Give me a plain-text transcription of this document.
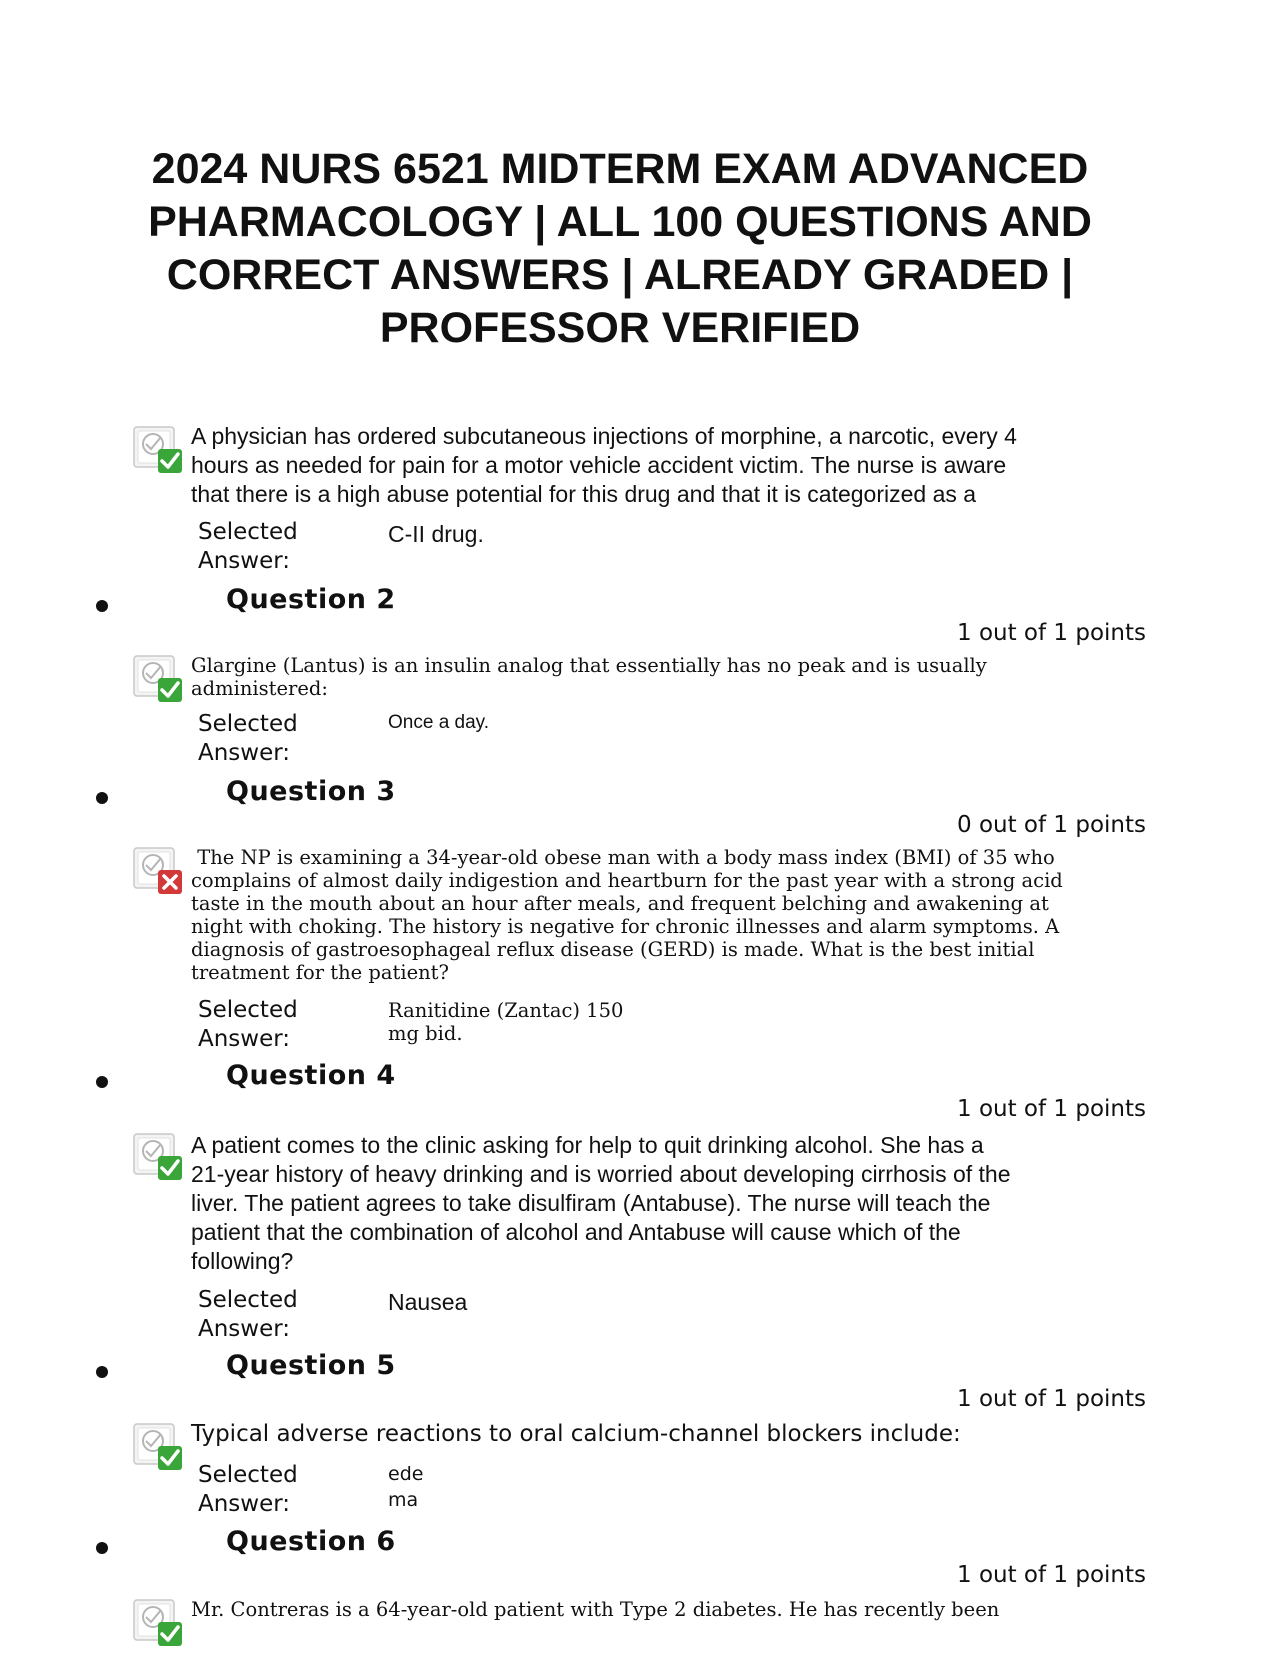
2024 NURS 6521 MIDTERM EXAM ADVANCED
PHARMACOLOGY | ALL 100 QUESTIONS AND
CORRECT ANSWERS | ALREADY GRADED |
PROFESSOR VERIFIED

A physician has ordered subcutaneous injections of morphine, a narcotic, every 4
hours as needed for pain for a motor vehicle accident victim. The nurse is aware
that there is a high abuse potential for this drug and that it is categorized as a

Selected
Answer:
C-II drug.
Question 2
1 out of 1 points

Glargine (Lantus) is an insulin analog that essentially has no peak and is usually
administered:

Selected
Answer:
Once a day.
Question 3
0 out of 1 points

The NP is examining a 34-year-old obese man with a body mass index (BMI) of 35 who
complains of almost daily indigestion and heartburn for the past year with a strong acid
taste in the mouth about an hour after meals, and frequent belching and awakening at
night with choking. The history is negative for chronic illnesses and alarm symptoms. A
diagnosis of gastroesophageal reflux disease (GERD) is made. What is the best initial
treatment for the patient?

Selected
Answer:
Ranitidine (Zantac) 150
mg bid.
Question 4
1 out of 1 points

A patient comes to the clinic asking for help to quit drinking alcohol. She has a
21-year history of heavy drinking and is worried about developing cirrhosis of the
liver. The patient agrees to take disulfiram (Antabuse). The nurse will teach the
patient that the combination of alcohol and Antabuse will cause which of the
following?

Selected
Answer:
Nausea
Question 5
1 out of 1 points

Typical adverse reactions to oral calcium-channel blockers include:

Selected
Answer:
ede
ma
Question 6
1 out of 1 points

Mr. Contreras is a 64-year-old patient with Type 2 diabetes. He has recently been
